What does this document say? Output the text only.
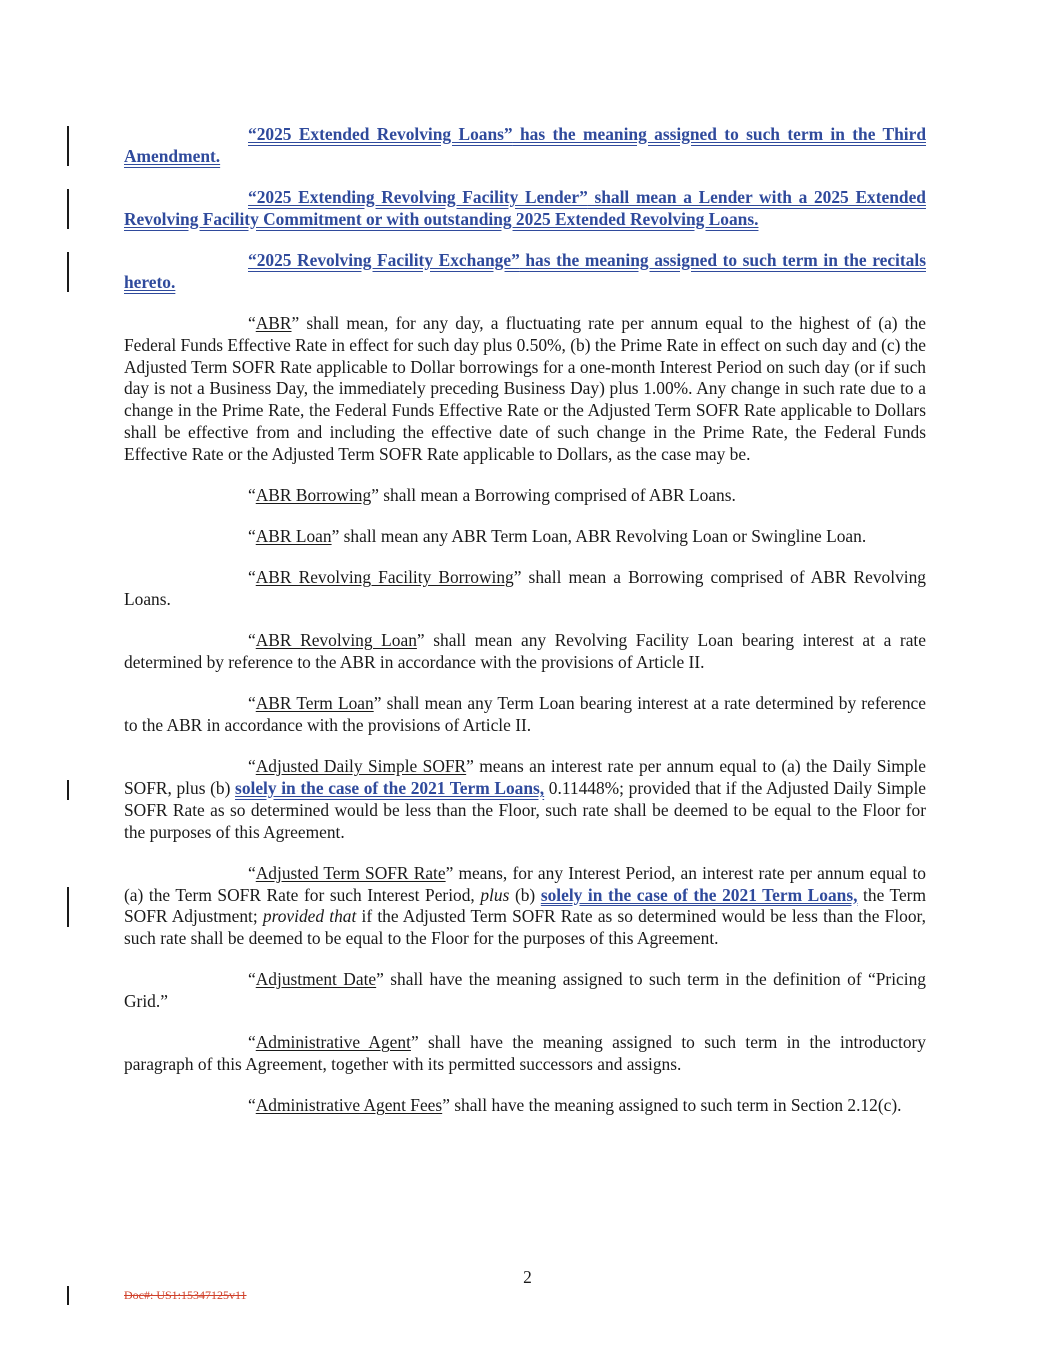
“2025 Extended Revolving Loans” has the meaning assigned to such term in the Third Amendment.

“2025 Extending Revolving Facility Lender” shall mean a Lender with a 2025 Extended Revolving Facility Commitment or with outstanding 2025 Extended Revolving Loans.

“2025 Revolving Facility Exchange” has the meaning assigned to such term in the recitals hereto.

“ABR” shall mean, for any day, a fluctuating rate per annum equal to the highest of (a) the Federal Funds Effective Rate in effect for such day plus 0.50%, (b) the Prime Rate in effect on such day and (c) the Adjusted Term SOFR Rate applicable to Dollar borrowings for a one-month Interest Period on such day (or if such day is not a Business Day, the immediately preceding Business Day) plus 1.00%. Any change in such rate due to a change in the Prime Rate, the Federal Funds Effective Rate or the Adjusted Term SOFR Rate applicable to Dollars shall be effective from and including the effective date of such change in the Prime Rate, the Federal Funds Effective Rate or the Adjusted Term SOFR Rate applicable to Dollars, as the case may be.

“ABR Borrowing” shall mean a Borrowing comprised of ABR Loans.

“ABR Loan” shall mean any ABR Term Loan, ABR Revolving Loan or Swingline Loan.

“ABR Revolving Facility Borrowing” shall mean a Borrowing comprised of ABR Revolving Loans.

“ABR Revolving Loan” shall mean any Revolving Facility Loan bearing interest at a rate determined by reference to the ABR in accordance with the provisions of Article II.

“ABR Term Loan” shall mean any Term Loan bearing interest at a rate determined by reference to the ABR in accordance with the provisions of Article II.

“Adjusted Daily Simple SOFR” means an interest rate per annum equal to (a) the Daily Simple SOFR, plus (b) solely in the case of the 2021 Term Loans, 0.11448%; provided that if the Adjusted Daily Simple SOFR Rate as so determined would be less than the Floor, such rate shall be deemed to be equal to the Floor for the purposes of this Agreement.

“Adjusted Term SOFR Rate” means, for any Interest Period, an interest rate per annum equal to (a) the Term SOFR Rate for such Interest Period, plus (b) solely in the case of the 2021 Term Loans, the Term SOFR Adjustment; provided that if the Adjusted Term SOFR Rate as so determined would be less than the Floor, such rate shall be deemed to be equal to the Floor for the purposes of this Agreement.

“Adjustment Date” shall have the meaning assigned to such term in the definition of “Pricing Grid.”

“Administrative Agent” shall have the meaning assigned to such term in the introductory paragraph of this Agreement, together with its permitted successors and assigns.

“Administrative Agent Fees” shall have the meaning assigned to such term in Section 2.12(c).

2
Doc#: US1:15347125v11
